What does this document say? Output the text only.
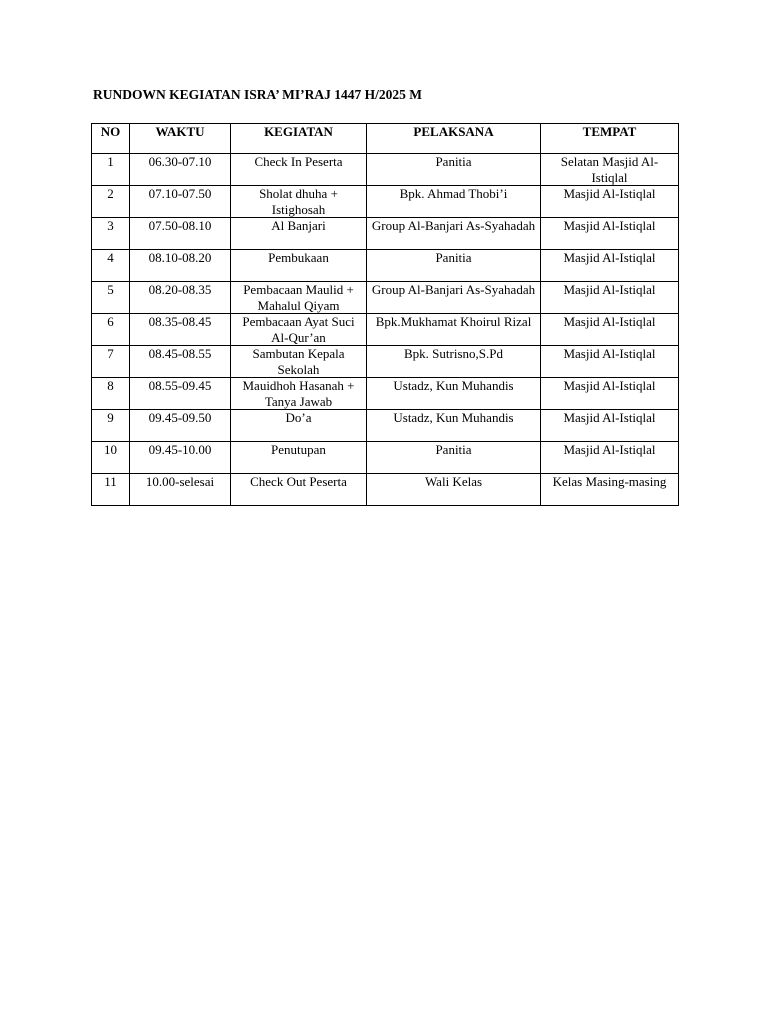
RUNDOWN KEGIATAN ISRA’ MI’RAJ 1447 H/2025 M
NO	WAKTU	KEGIATAN	PELAKSANA	TEMPAT
1	06.30-07.10	Check In Peserta	Panitia	Selatan Masjid Al-Istiqlal
2	07.10-07.50	Sholat dhuha + Istighosah	Bpk. Ahmad Thobi’i	Masjid Al-Istiqlal
3	07.50-08.10	Al Banjari	Group Al-Banjari As-Syahadah	Masjid Al-Istiqlal
4	08.10-08.20	Pembukaan	Panitia	Masjid Al-Istiqlal
5	08.20-08.35	Pembacaan Maulid + Mahalul Qiyam	Group Al-Banjari As-Syahadah	Masjid Al-Istiqlal
6	08.35-08.45	Pembacaan Ayat Suci Al-Qur’an	Bpk.Mukhamat Khoirul Rizal	Masjid Al-Istiqlal
7	08.45-08.55	Sambutan Kepala Sekolah	Bpk. Sutrisno,S.Pd	Masjid Al-Istiqlal
8	08.55-09.45	Mauidhoh Hasanah + Tanya Jawab	Ustadz, Kun Muhandis	Masjid Al-Istiqlal
9	09.45-09.50	Do’a	Ustadz, Kun Muhandis	Masjid Al-Istiqlal
10	09.45-10.00	Penutupan	Panitia	Masjid Al-Istiqlal
11	10.00-selesai	Check Out Peserta	Wali Kelas	Kelas Masing-masing
